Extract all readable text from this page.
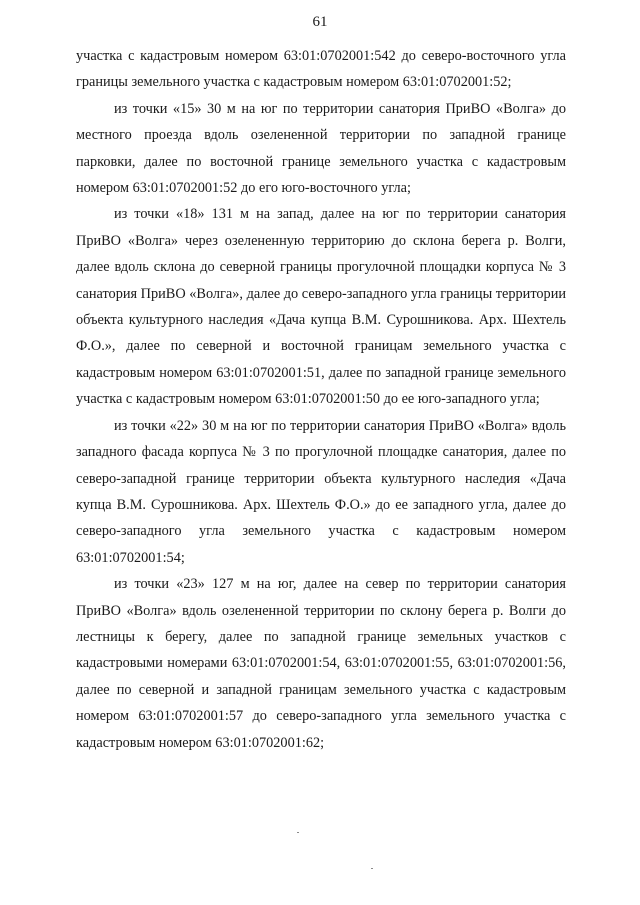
61

участка с кадастровым номером 63:01:0702001:542 до северо-восточного угла границы земельного участка с кадастровым номером 63:01:0702001:52;

из точки «15» 30 м на юг по территории санатория ПриВО «Волга» до местного проезда вдоль озелененной территории по западной границе парковки, далее по восточной границе земельного участка с кадастровым номером 63:01:0702001:52 до его юго-восточного угла;

из точки «18» 131 м на запад, далее на юг по территории санатория ПриВО «Волга» через озелененную территорию до склона берега р. Волги, далее вдоль склона до северной границы прогулочной площадки корпуса № 3 санатория ПриВО «Волга», далее до северо-западного угла границы территории объекта культурного наследия «Дача купца В.М. Сурошникова. Арх. Шехтель Ф.О.», далее по северной и восточной границам земельного участка с кадастровым номером 63:01:0702001:51, далее по западной границе земельного участка с кадастровым номером 63:01:0702001:50 до ее юго-западного угла;

из точки «22» 30 м на юг по территории санатория ПриВО «Волга» вдоль западного фасада корпуса № 3 по прогулочной площадке санатория, далее по северо-западной границе территории объекта культурного наследия «Дача купца В.М. Сурошникова. Арх. Шехтель Ф.О.» до ее западного угла, далее до северо-западного угла земельного участка с кадастровым номером 63:01:0702001:54;

из точки «23» 127 м на юг, далее на север по территории санатория ПриВО «Волга» вдоль озелененной территории по склону берега р. Волги до лестницы к берегу, далее по западной границе земельных участков с кадастровыми номерами 63:01:0702001:54, 63:01:0702001:55, 63:01:0702001:56, далее по северной и западной границам земельного участка с кадастровым номером 63:01:0702001:57 до северо-западного угла земельного участка с кадастровым номером 63:01:0702001:62;
